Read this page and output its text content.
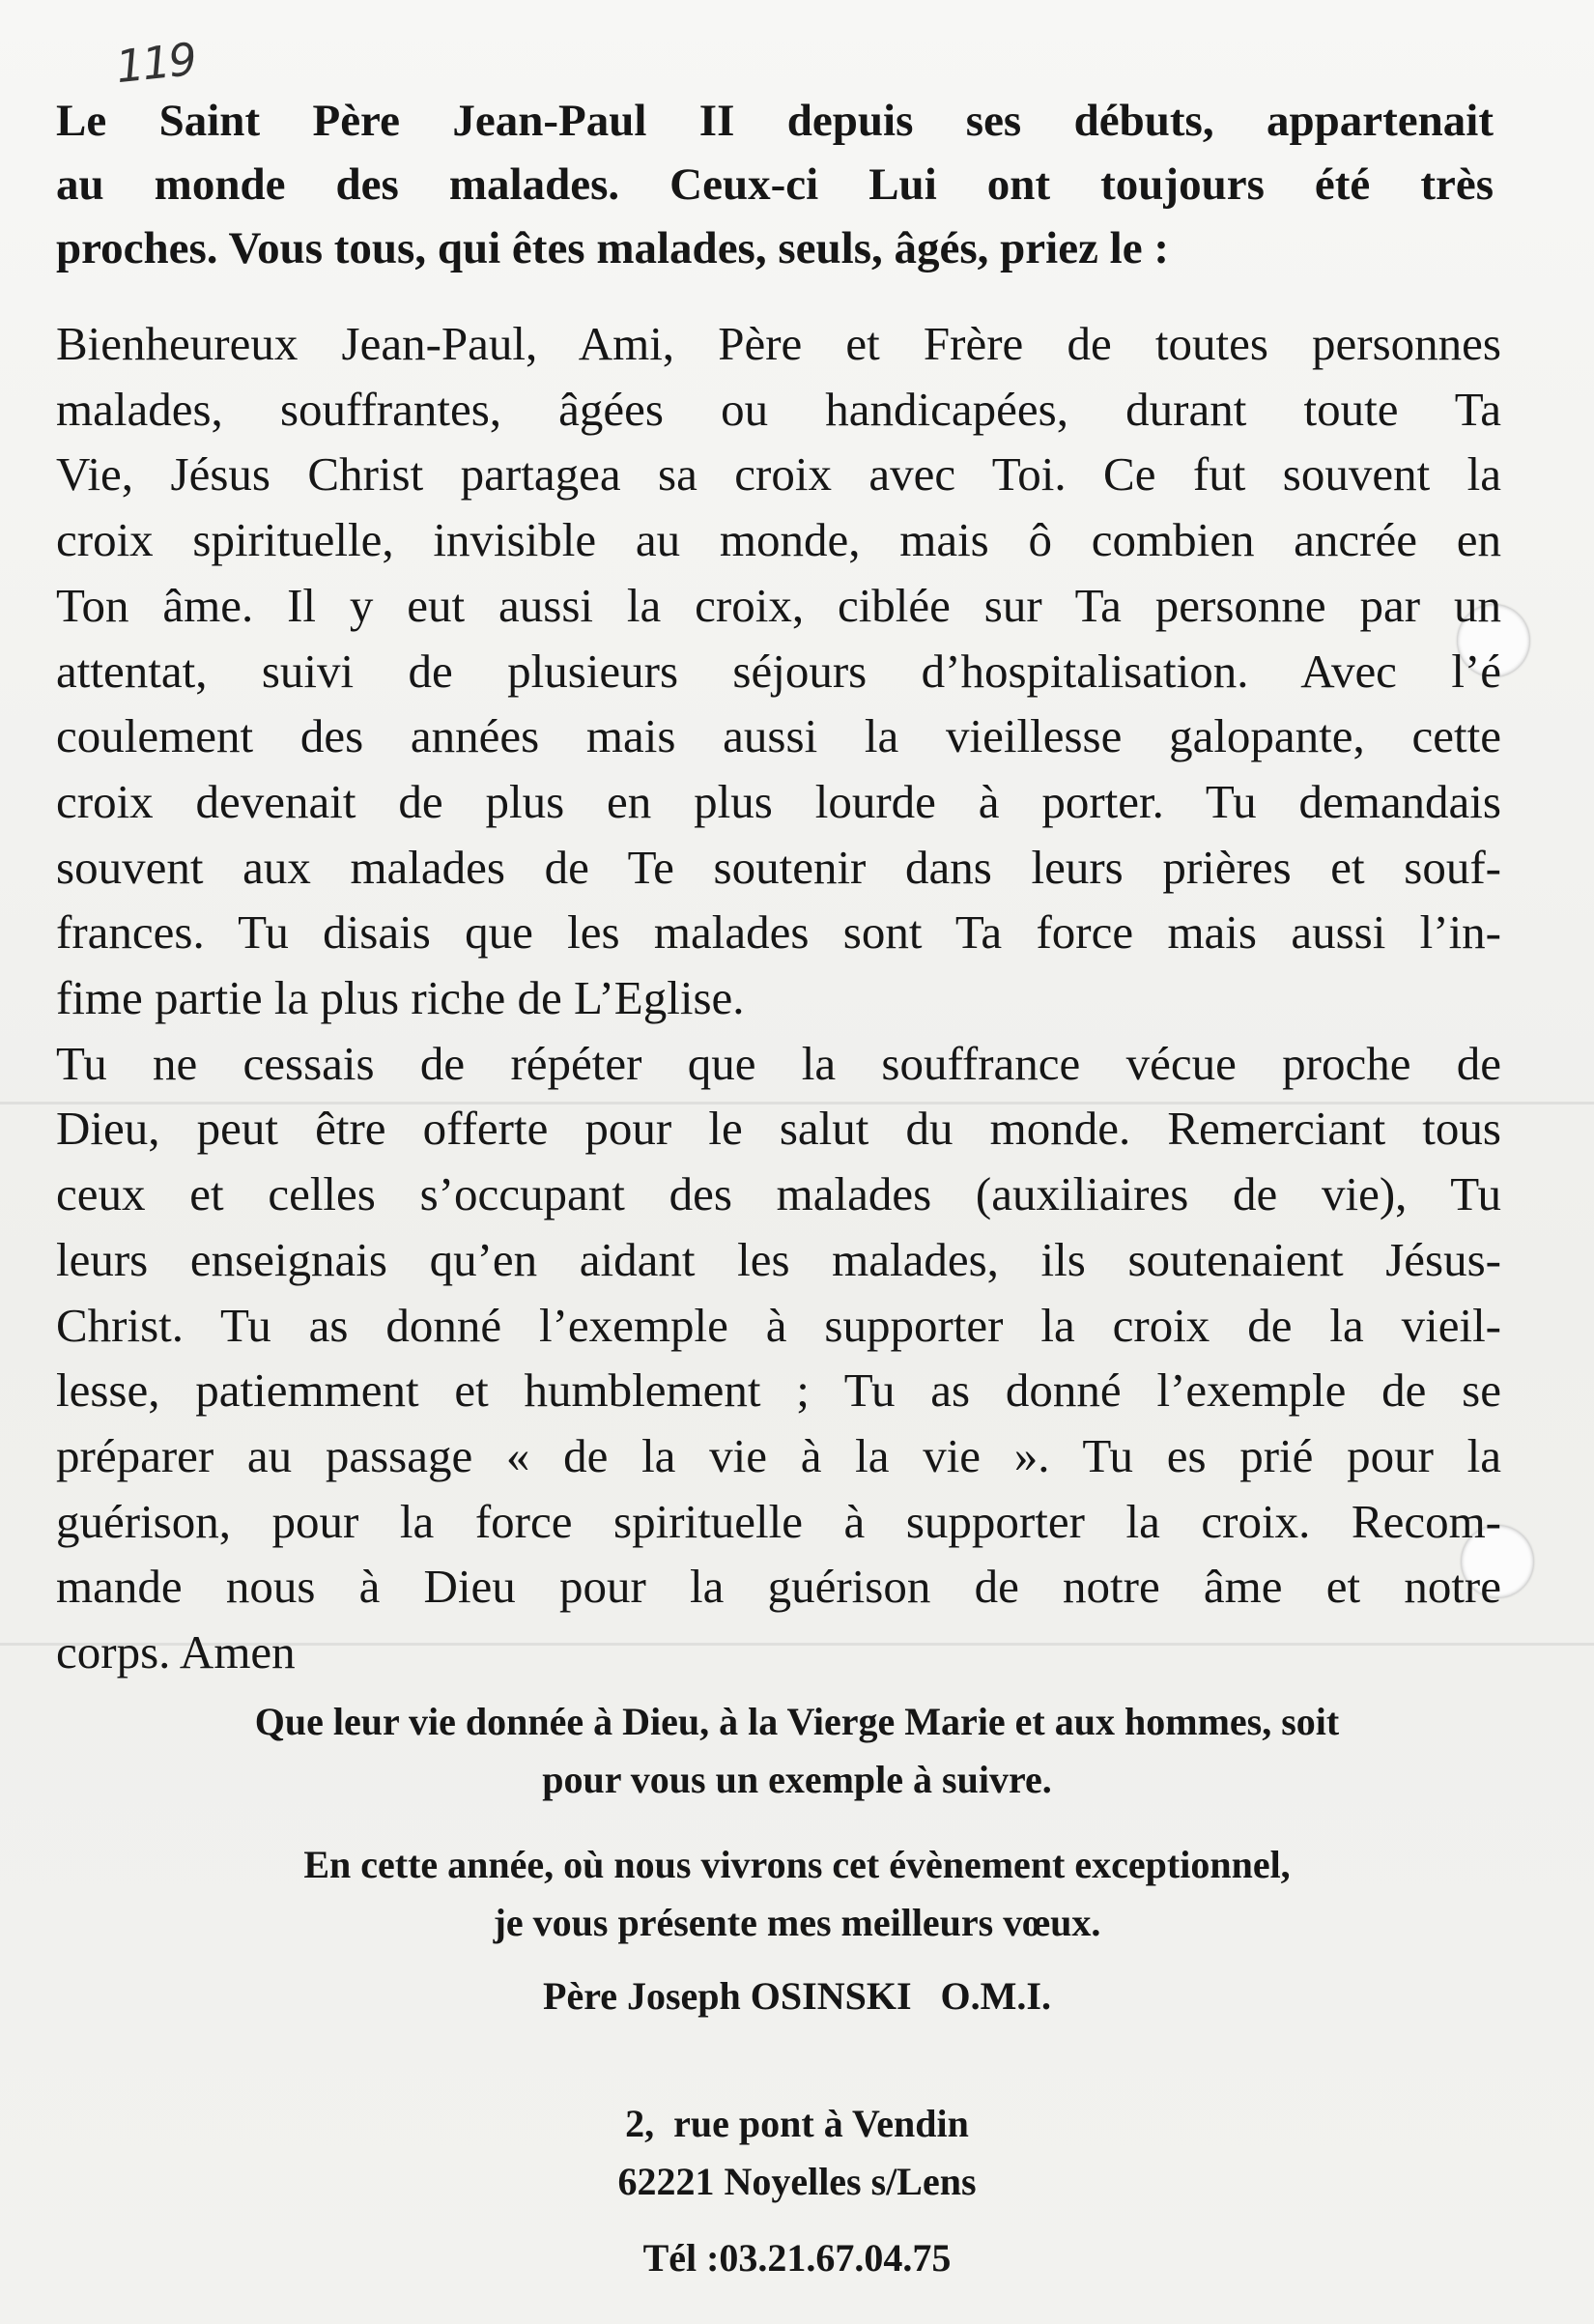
119
Le Saint Père Jean-Paul II depuis ses débuts, appartenait
au monde des malades. Ceux-ci Lui ont toujours été très
proches. Vous tous, qui êtes malades, seuls, âgés, priez le :
Bienheureux Jean-Paul, Ami, Père et Frère de toutes personnes
malades, souffrantes, âgées ou handicapées, durant toute Ta
Vie, Jésus Christ partagea sa croix avec Toi. Ce fut souvent la
croix spirituelle, invisible au monde, mais ô combien ancrée en
Ton âme. Il y eut aussi la croix, ciblée sur Ta personne par un
attentat, suivi de plusieurs séjours d’hospitalisation. Avec l’é
coulement des années mais aussi la vieillesse galopante, cette
croix devenait de plus en plus lourde à porter. Tu demandais
souvent aux malades de Te soutenir dans leurs prières et souf-
frances. Tu disais que les malades sont Ta force mais aussi l’in-
fime partie la plus riche de L’Eglise.
Tu ne cessais de répéter que la souffrance vécue proche de
Dieu, peut être offerte pour le salut du monde. Remerciant tous
ceux et celles s’occupant des malades (auxiliaires de vie), Tu
leurs enseignais qu’en aidant les malades, ils soutenaient Jésus-
Christ. Tu as donné l’exemple à supporter la croix de la vieil-
lesse, patiemment et humblement ; Tu as donné l’exemple de se
préparer au passage « de la vie à la vie ». Tu es prié pour la
guérison, pour la force spirituelle à supporter la croix. Recom-
mande nous à Dieu pour la guérison de notre âme et notre
corps. Amen
Que leur vie donnée à Dieu, à la Vierge Marie et aux hommes, soit
pour vous un exemple à suivre.
En cette année, où nous vivrons cet évènement exceptionnel,
je vous présente mes meilleurs vœux.
Père Joseph OSINSKI   O.M.I.
2,  rue pont à Vendin
62221 Noyelles s/Lens
Tél :03.21.67.04.75
